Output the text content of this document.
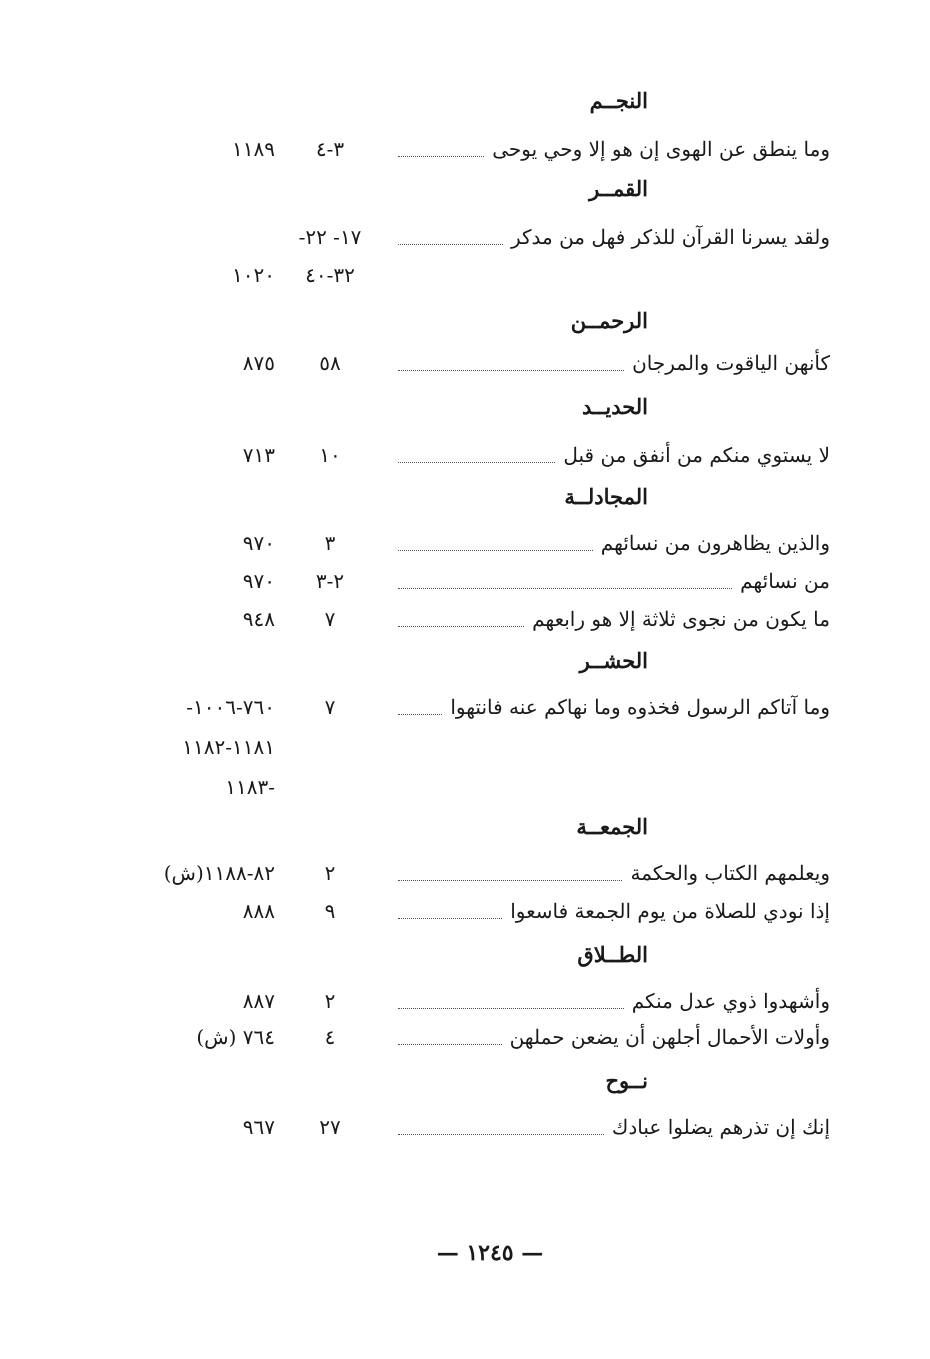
النجــم
وما ينطق عن الهوى إن هو إلا وحي يوحى
٣-٤
١١٨٩
القمــر
ولقد يسرنا القرآن للذكر فهل من مدكر
١٧- ٢٢-
٣٢-٤٠
١٠٢٠
الرحمــن
كأنهن الياقوت والمرجان
٥٨
٨٧٥
الحديــد
لا يستوي منكم من أنفق من قبل
١٠
٧١٣
المجادلــة
والذين يظاهرون من نسائهم
٣
٩٧٠
من نسائهم
٢-٣
٩٧٠
ما يكون من نجوى ثلاثة إلا هو رابعهم
٧
٩٤٨
الحشــر
وما آتاكم الرسول فخذوه وما نهاكم عنه فانتهوا
٧
٧٦٠-١٠٠٦-
١١٨١-١١٨٢
-١١٨٣
الجمعــة
ويعلمهم الكتاب والحكمة
٢
٨٢-١١٨٨(ش)
إذا نودي للصلاة من يوم الجمعة فاسعوا
٩
٨٨٨
الطــلاق
وأشهدوا ذوي عدل منكم
٢
٨٨٧
وأولات الأحمال أجلهن أن يضعن حملهن
٤
٧٦٤ (ش)
نــوح
إنك إن تذرهم يضلوا عبادك
٢٧
٩٦٧
— ١٢٤٥ —
